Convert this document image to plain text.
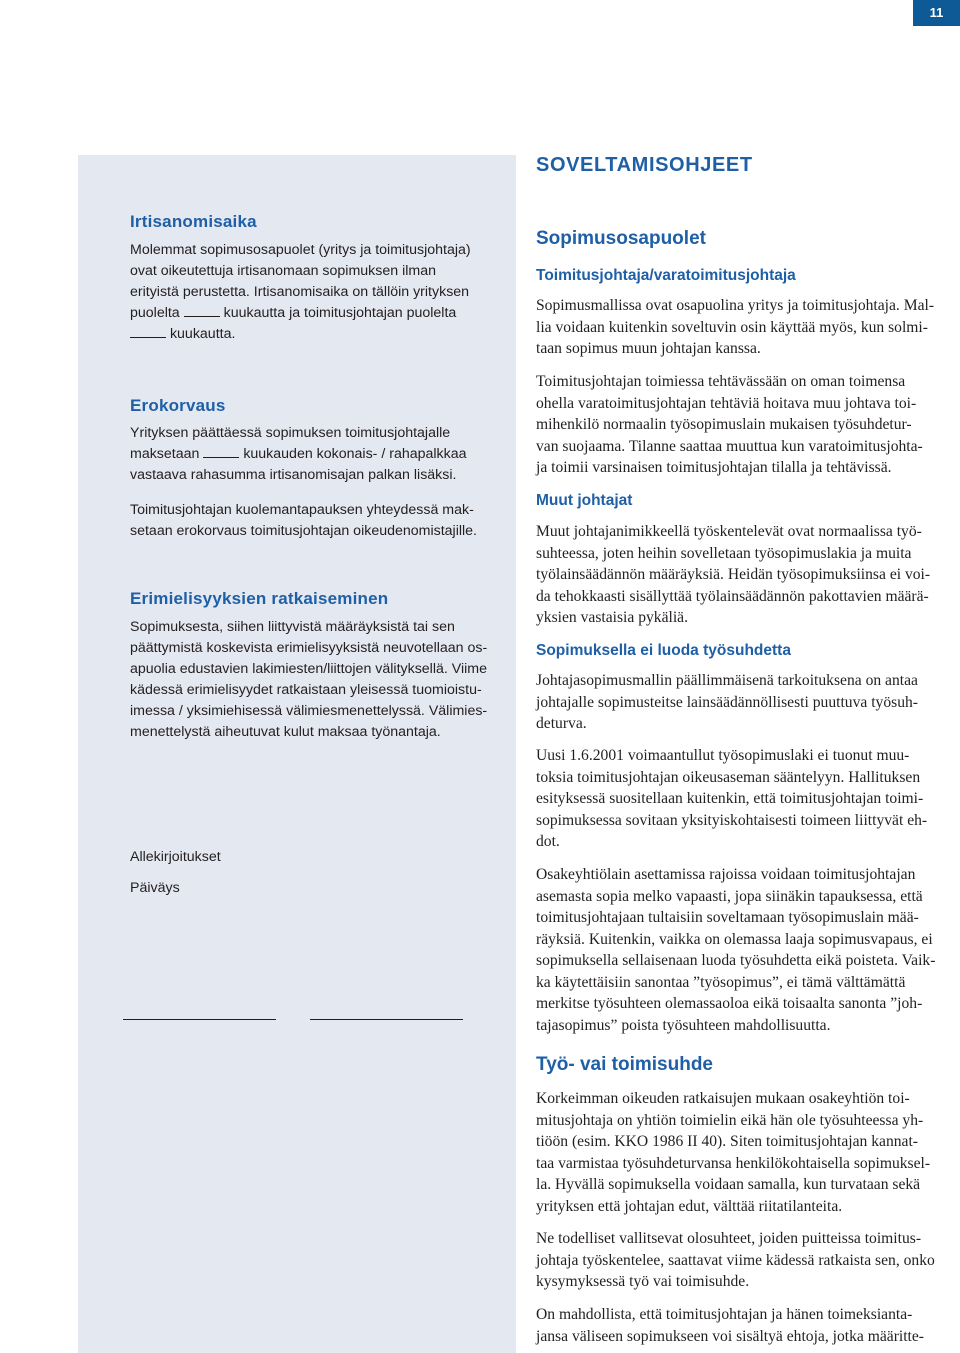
11
Irtisanomisaika

Molemmat sopimusosapuolet (yritys ja toimitusjohtaja)

ovat oikeutettuja irtisanomaan sopimuksen ilman

erityistä perustetta. Irtisanomisaika on tällöin yrityksen

puolelta	kuukautta ja toimitusjohtajan puolelta

kuukautta.

Erokorvaus

Yrityksen päättäessä sopimuksen toimitusjohtajalle

maksetaan	kuukauden kokonais- / rahapalkkaa

vastaava rahasumma irtisanomisajan palkan lisäksi.

Toimitusjohtajan kuolemantapauksen yhteydessä mak-

setaan erokorvaus toimitusjohtajan oikeudenomistajille.

Erimielisyyksien ratkaiseminen

Sopimuksesta, siihen liittyvistä määräyksistä tai sen

päättymistä koskevista erimielisyyksistä neuvotellaan os-

apuolia edustavien lakimiesten/liittojen välityksellä. Viime

kädessä erimielisyydet ratkaistaan yleisessä tuomioistu-

imessa / yksimiehisessä välimiesmenettelyssä. Välimies-

menettelystä aiheutuvat kulut maksaa työnantaja.

Allekirjoitukset
Päiväys
SOVELTAMISOHJEET
Sopimusosapuolet
Toimitusjohtaja/varatoimitusjohtaja
Sopimusmallissa ovat osapuolina yritys ja toimitusjohtaja. Mal-
lia voidaan kuitenkin soveltuvin osin käyttää myös, kun solmi-
taan sopimus muun johtajan kanssa.
Toimitusjohtajan toimiessa tehtävässään on oman toimensa
ohella varatoimitusjohtajan tehtäviä hoitava muu johtava toi-
mihenkilö normaalin työsopimuslain mukaisen työsuhdetur-
van suojaama. Tilanne saattaa muuttua kun varatoimitusjohta-
ja toimii varsinaisen toimitusjohtajan tilalla ja tehtävissä.
Muut johtajat
Muut johtajanimikkeellä työskentelevät ovat normaalissa työ-
suhteessa, joten heihin sovelletaan työsopimuslakia ja muita
työlainsäädännön määräyksiä. Heidän työsopimuksiinsa ei voi-
da tehokkaasti sisällyttää työlainsäädännön pakottavien määrä-
yksien vastaisia pykäliä.
Sopimuksella ei luoda työsuhdetta
Johtajasopimusmallin päällimmäisenä tarkoituksena on antaa
johtajalle sopimusteitse lainsäädännöllisesti puuttuva työsuh-
deturva.
Uusi 1.6.2001 voimaantullut työsopimuslaki ei tuonut muu-
toksia toimitusjohtajan oikeusaseman sääntelyyn. Hallituksen
esityksessä suositellaan kuitenkin, että toimitusjohtajan toimi-
sopimuksessa sovitaan yksityiskohtaisesti toimeen liittyvät eh-
dot.
Osakeyhtiölain asettamissa rajoissa voidaan toimitusjohtajan
asemasta sopia melko vapaasti, jopa siinäkin tapauksessa, että
toimitusjohtajaan tultaisiin soveltamaan työsopimuslain mää-
räyksiä. Kuitenkin, vaikka on olemassa laaja sopimusvapaus, ei
sopimuksella sellaisenaan luoda työsuhdetta eikä poisteta. Vaik-
ka käytettäisiin sanontaa ”työsopimus”, ei tämä välttämättä
merkitse työsuhteen olemassaoloa eikä toisaalta sanonta ”joh-
tajasopimus” poista työsuhteen mahdollisuutta.
Työ- vai toimisuhde
Korkeimman oikeuden ratkaisujen mukaan osakeyhtiön toi-
mitusjohtaja on yhtiön toimielin eikä hän ole työsuhteessa yh-
tiöön (esim. KKO 1986 II 40). Siten toimitusjohtajan kannat-
taa varmistaa työsuhdeturvansa henkilökohtaisella sopimuksel-
la. Hyvällä sopimuksella voidaan samalla, kun turvataan sekä
yrityksen että johtajan edut, välttää riitatilanteita.
Ne todelliset vallitsevat olosuhteet, joiden puitteissa toimitus-
johtaja työskentelee, saattavat viime kädessä ratkaista sen, onko
kysymyksessä työ vai toimisuhde.
On mahdollista, että toimitusjohtajan ja hänen toimeksianta-
jansa väliseen sopimukseen voi sisältyä ehtoja, jotka määritte-
